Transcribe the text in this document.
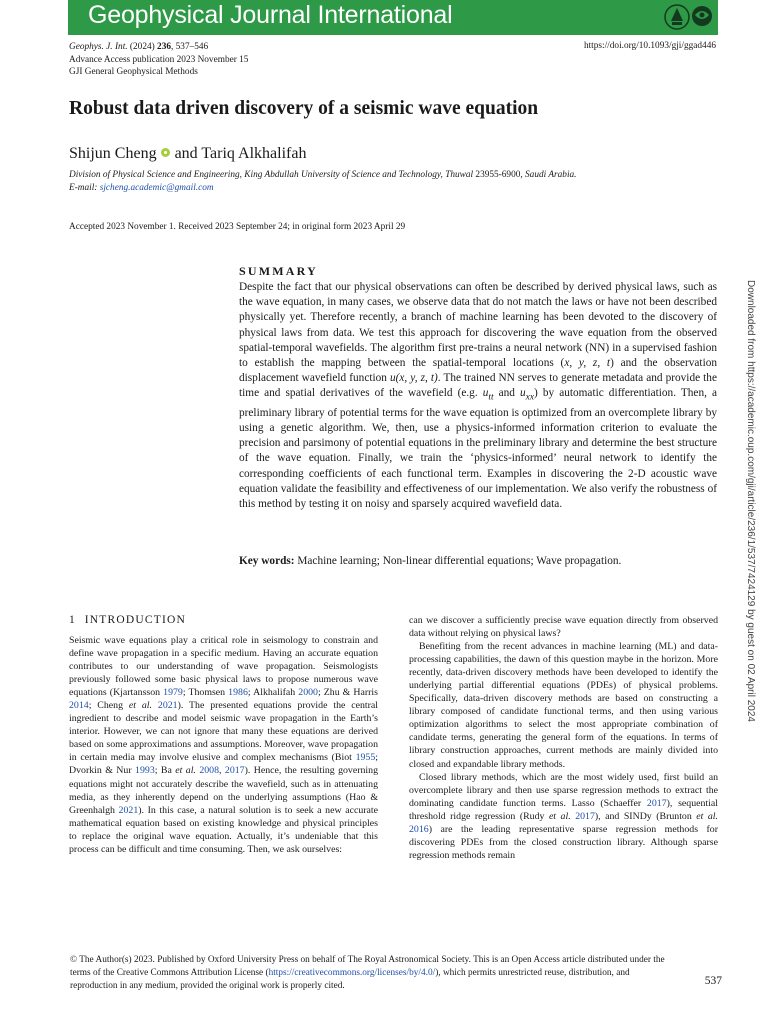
Geophysical Journal International
Geophys. J. Int. (2024) 236, 537–546
Advance Access publication 2023 November 15
GJI General Geophysical Methods
https://doi.org/10.1093/gji/ggad446
Robust data driven discovery of a seismic wave equation
Shijun Cheng and Tariq Alkhalifah
Division of Physical Science and Engineering, King Abdullah University of Science and Technology, Thuwal 23955-6900, Saudi Arabia.
E-mail: sjcheng.academic@gmail.com
Accepted 2023 November 1. Received 2023 September 24; in original form 2023 April 29
SUMMARY
Despite the fact that our physical observations can often be described by derived physical laws, such as the wave equation, in many cases, we observe data that do not match the laws or have not been described physically yet. Therefore recently, a branch of machine learning has been devoted to the discovery of physical laws from data. We test this approach for discovering the wave equation from the observed spatial-temporal wavefields. The algorithm first pre-trains a neural network (NN) in a supervised fashion to establish the mapping between the spatial-temporal locations (x, y, z, t) and the observation displacement wavefield function u(x, y, z, t). The trained NN serves to generate metadata and provide the time and spatial derivatives of the wavefield (e.g. $u_{tt}$ and $u_{xx}$) by automatic differentiation. Then, a preliminary library of potential terms for the wave equation is optimized from an overcomplete library by using a genetic algorithm. We, then, use a physics-informed information criterion to evaluate the precision and parsimony of potential equations in the preliminary library and determine the best structure of the wave equation. Finally, we train the ‘physics-informed’ neural network to identify the corresponding coefficients of each functional term. Examples in discovering the 2-D acoustic wave equation validate the feasibility and effectiveness of our implementation. We also verify the robustness of this method by testing it on noisy and sparsely acquired wavefield data.
Key words: Machine learning; Non-linear differential equations; Wave propagation.	Downloaded from https://academic.oup.com/gji/article/236/1/537/7424129 by guest on 02 April 2024
1 INTRODUCTION

Seismic wave equations play a critical role in seismology to constrain and define wave propagation in a specific medium. Having an accurate equation contributes to our understanding of wave propagation. Seismologists previously followed some basic physical laws to propose numerous wave equations (Kjartansson 1979; Thomsen 1986; Alkhalifah 2000; Zhu & Harris 2014; Cheng et al. 2021). The presented equations provide the central ingredient to describe and model seismic wave propagation in the Earth’s interior. However, we can not ignore that many these equations are derived based on some approximations and assumptions. Moreover, wave propagation in certain media may involve elusive and complex mechanisms (Biot 1955; Dvorkin & Nur 1993; Ba et al. 2008, 2017). Hence, the resulting governing equations might not accurately describe the wavefield, such as in attenuating media, as they inherently depend on the underlying assumptions (Hao & Greenhalgh 2021). In this case, a natural solution is to seek a new accurate mathematical equation based on existing knowledge and physical principles to replace the original wave equation. Actually, it’s undeniable that this process can be difficult and time consuming. Then, we ask ourselves:

can we discover a sufficiently precise wave equation directly from observed data without relying on physical laws?

Benefiting from the recent advances in machine learning (ML) and data-processing capabilities, the dawn of this question maybe in the horizon. More recently, data-driven discovery methods have been developed to identify the underlying partial differential equations (PDEs) of physical problems. Specifically, data-driven discovery methods are based on constructing a library composed of candidate functional terms, and then using various optimization algorithms to select the most appropriate combination of candidate terms, generating the general form of the equations. In terms of library construction approaches, current methods are mainly divided into closed and expandable library methods.

Closed library methods, which are the most widely used, first build an overcomplete library and then use sparse regression methods to extract the dominating candidate function terms. Lasso (Schaeffer 2017), sequential threshold ridge regression (Rudy et al. 2017), and SINDy (Brunton et al. 2016) are the leading representative sparse regression methods for discovering PDEs from the closed construction library. Although sparse regression methods remain

© The Author(s) 2023. Published by Oxford University Press on behalf of The Royal Astronomical Society. This is an Open Access article distributed under the terms of the Creative Commons Attribution License (https://creativecommons.org/licenses/by/4.0/), which permits unrestricted reuse, distribution, and reproduction in any medium, provided the original work is properly cited.	537
